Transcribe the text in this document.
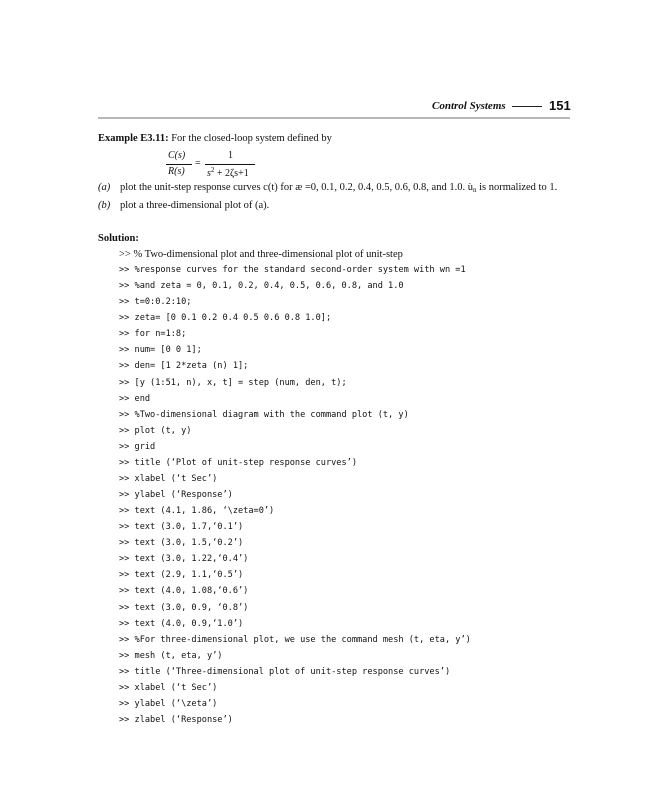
Control Systems	151
Example E3.11: For the closed-loop system defined by
C(s)
R(s)
=
1
$s^2 + 2\zeta s+1$
(a) plot the unit-step response curves c(t) for æ =0, 0.1, 0.2, 0.4, 0.5, 0.6, 0.8, and 1.0. $ù_n$ is normalized to 1.
(b) plot a three-dimensional plot of (a).
Solution:
>> % Two-dimensional plot and three-dimensional plot of unit-step
>> %response curves for the standard second-order system with wn =1
>> %and zeta = 0, 0.1, 0.2, 0.4, 0.5, 0.6, 0.8, and 1.0
>> t=0:0.2:10;
>> zeta= [0 0.1 0.2 0.4 0.5 0.6 0.8 1.0];
>> for n=1:8;
>> num= [0 0 1];
>> den= [1 2*zeta (n) 1];
>> [y (1:51, n), x, t] = step (num, den, t);
>> end
>> %Two-dimensional diagram with the command plot (t, y)
>> plot (t, y)
>> grid
>> title (‘Plot of unit-step response curves’)
>> xlabel (‘t Sec’)
>> ylabel (‘Response’)
>> text (4.1, 1.86, ‘\zeta=0’)
>> text (3.0, 1.7,‘0.1’)
>> text (3.0, 1.5,‘0.2’)
>> text (3.0, 1.22,‘0.4’)
>> text (2.9, 1.1,‘0.5’)
>> text (4.0, 1.08,‘0.6’)
>> text (3.0, 0.9, ‘0.8’)
>> text (4.0, 0.9,‘1.0’)
>> %For three-dimensional plot, we use the command mesh (t, eta, y’)
>> mesh (t, eta, y’)
>> title (‘Three-dimensional plot of unit-step response curves’)
>> xlabel (‘t Sec’)
>> ylabel (‘\zeta’)
>> zlabel (‘Response’)
